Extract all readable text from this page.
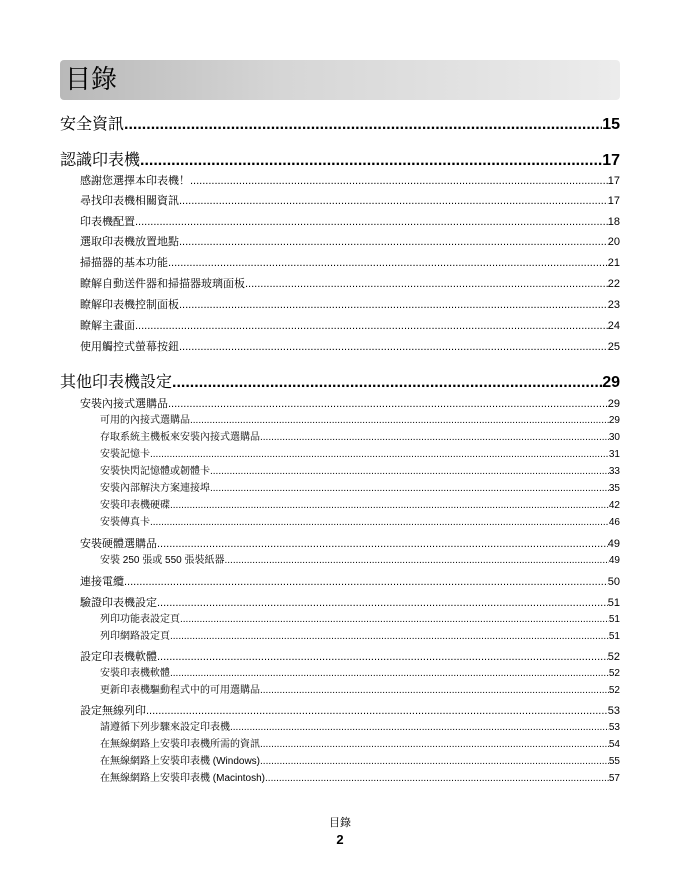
目錄
安全資訊 .....	15
認識印表機 .....	17
感謝您選擇本印表機！ .....	17
尋找印表機相關資訊 .....	17
印表機配置 .....	18
選取印表機放置地點 .....	20
掃描器的基本功能 .....	21
瞭解自動送件器和掃描器玻璃面板 .....	22
瞭解印表機控制面板 .....	23
瞭解主畫面 .....	24
使用觸控式螢幕按鈕 .....	25
其他印表機設定 .....	29
安裝內接式選購品 .....	29
可用的內接式選購品 .....	29
存取系統主機板來安裝內接式選購品 .....	30
安裝記憶卡 .....	31
安裝快閃記憶體或韌體卡 .....	33
安裝內部解決方案連接埠 .....	35
安裝印表機硬碟 .....	42
安裝傳真卡 .....	46
安裝硬體選購品 .....	49
安裝 250 張或 550 張裝紙器 .....	49
連接電纜 .....	50
驗證印表機設定 .....	51
列印功能表設定頁 .....	51
列印網路設定頁 .....	51
設定印表機軟體 .....	52
安裝印表機軟體 .....	52
更新印表機驅動程式中的可用選購品 .....	52
設定無線列印 .....	53
請遵循下列步驟來設定印表機 .....	53
在無線網路上安裝印表機所需的資訊 .....	54
在無線網路上安裝印表機 (Windows) .....	55
在無線網路上安裝印表機 (Macintosh) .....	57
目錄
2
